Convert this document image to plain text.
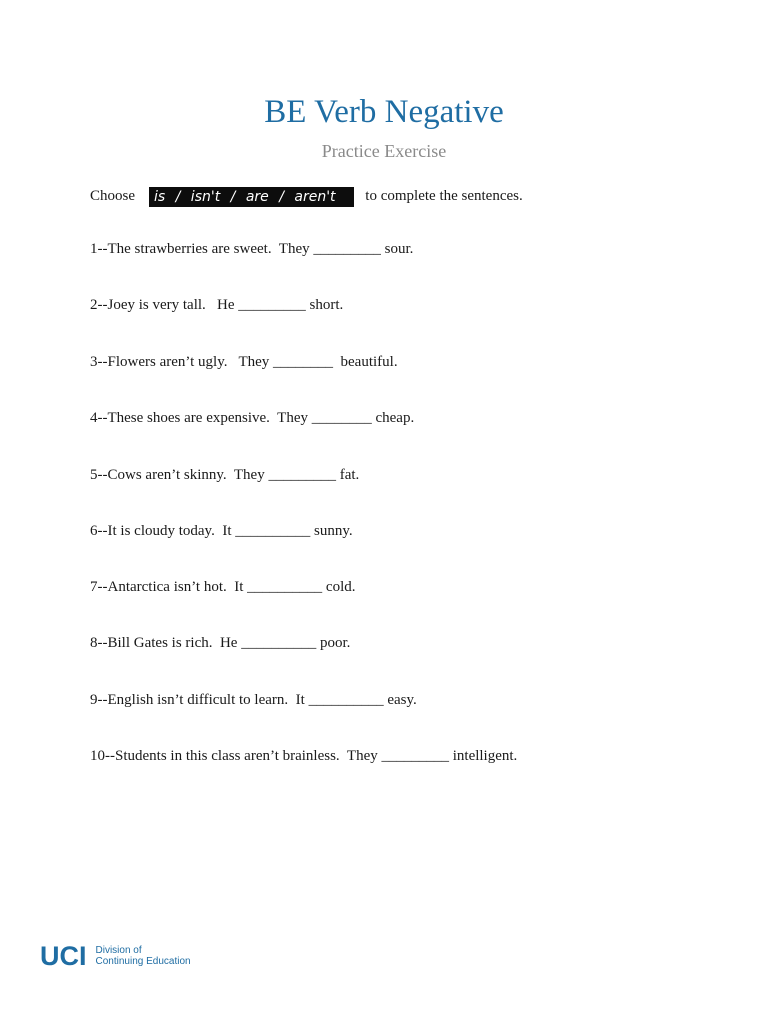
BE Verb Negative
Practice Exercise
Choose is / isn't / are / aren't to complete the sentences.
1--The strawberries are sweet.  They _________ sour.
2--Joey is very tall.   He _________ short.
3--Flowers aren’t ugly.   They ________  beautiful.
4--These shoes are expensive.  They ________ cheap.
5--Cows aren’t skinny.  They _________ fat.
6--It is cloudy today.  It __________ sunny.
7--Antarctica isn’t hot.  It __________ cold.
8--Bill Gates is rich.  He __________ poor.
9--English isn’t difficult to learn.  It __________ easy.
10--Students in this class aren’t brainless.  They _________ intelligent.
UCI Division of
Continuing Education
